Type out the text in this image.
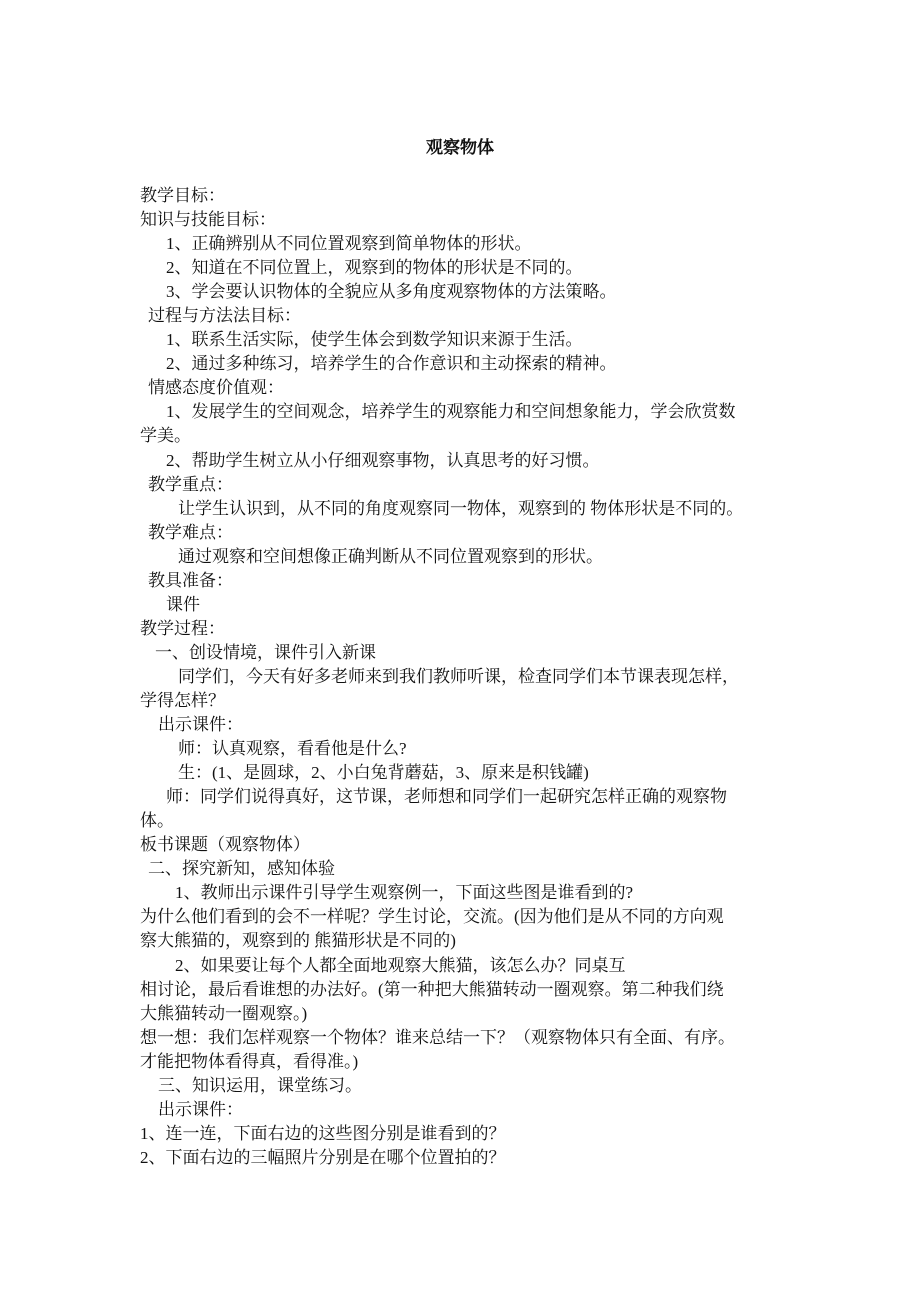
观察物体
教学目标：
知识与技能目标：
1、正确辨别从不同位置观察到简单物体的形状。
2、知道在不同位置上，观察到的物体的形状是不同的。
3、学会要认识物体的全貌应从多角度观察物体的方法策略。
过程与方法法目标：
1、联系生活实际，使学生体会到数学知识来源于生活。
2、通过多种练习，培养学生的合作意识和主动探索的精神。
情感态度价值观：
1、发展学生的空间观念，培养学生的观察能力和空间想象能力，学会欣赏数
学美。
2、帮助学生树立从小仔细观察事物，认真思考的好习惯。
教学重点：
让学生认识到，从不同的角度观察同一物体，观察到的 物体形状是不同的。
教学难点：
通过观察和空间想像正确判断从不同位置观察到的形状。
教具准备：
课件
教学过程：
一、创设情境，课件引入新课
同学们，今天有好多老师来到我们教师听课，检查同学们本节课表现怎样，
学得怎样？
出示课件：
师：认真观察，看看他是什么?
生：(1、是圆球，2、小白兔背蘑菇，3、原来是积钱罐)
师：同学们说得真好，这节课，老师想和同学们一起研究怎样正确的观察物
体。
板书课题（观察物体）
二、探究新知，感知体验
1、教师出示课件引导学生观察例一，下面这些图是谁看到的?
为什么他们看到的会不一样呢？学生讨论，交流。(因为他们是从不同的方向观
察大熊猫的，观察到的 熊猫形状是不同的)
2、如果要让每个人都全面地观察大熊猫，该怎么办？同桌互
相讨论，最后看谁想的办法好。(第一种把大熊猫转动一圈观察。第二种我们绕
大熊猫转动一圈观察。)
想一想：我们怎样观察一个物体？谁来总结一下？（观察物体只有全面、有序。
才能把物体看得真，看得准。)
三、知识运用，课堂练习。
出示课件：
1、连一连，下面右边的这些图分别是谁看到的？
2、下面右边的三幅照片分别是在哪个位置拍的？
